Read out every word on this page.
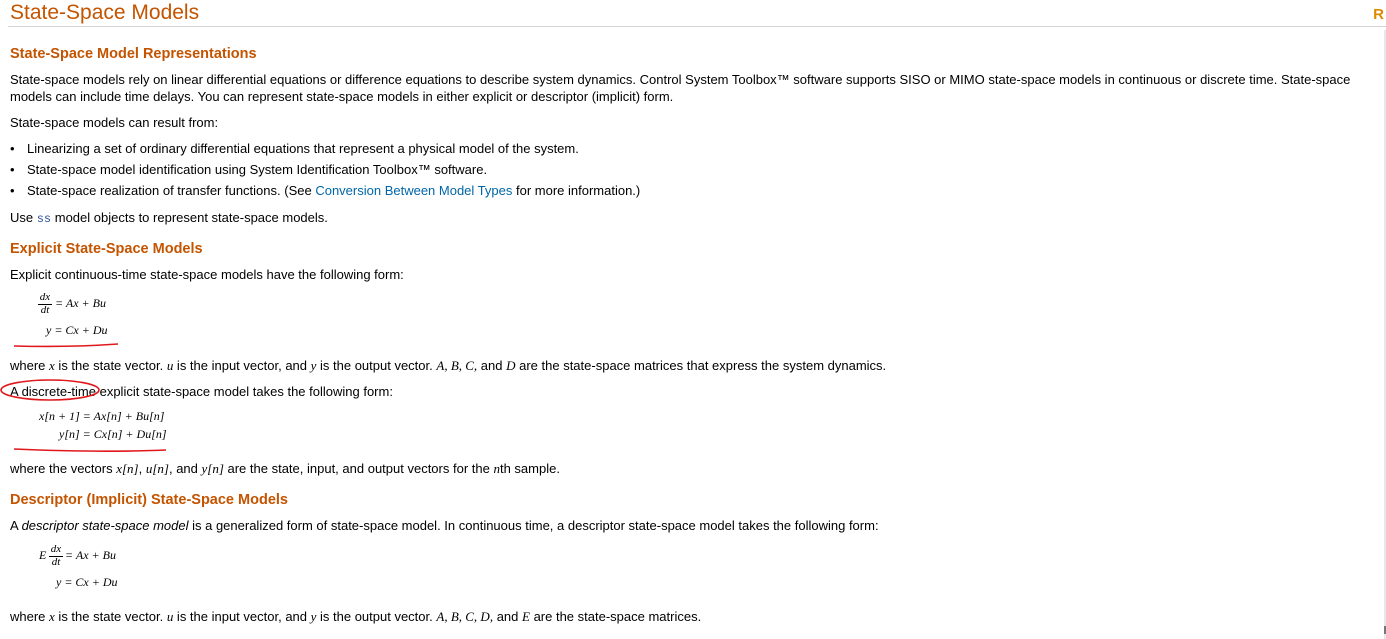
State-Space Models	R
State-Space Model Representations
State-space models rely on linear differential equations or difference equations to describe system dynamics. Control System Toolbox™ software supports SISO or MIMO state-space models in continuous or discrete time. State-space models can include time delays. You can represent state-space models in either explicit or descriptor (implicit) form.
State-space models can result from:
• Linearizing a set of ordinary differential equations that represent a physical model of the system.
• State-space model identification using System Identification Toolbox™ software.
• State-space realization of transfer functions. (See Conversion Between Model Types for more information.)
Use ss model objects to represent state-space models.
Explicit State-Space Models
Explicit continuous-time state-space models have the following form:
dx
dt = Ax + Bu
y = Cx + Du
where x is the state vector. u is the input vector, and y is the output vector. A, B, C, and D are the state-space matrices that express the system dynamics.
A discrete-time explicit state-space model takes the following form:
x[n + 1] = Ax[n] + Bu[n]
y[n] = Cx[n] + Du[n]
where the vectors x[n], u[n], and y[n] are the state, input, and output vectors for the nth sample.
Descriptor (Implicit) State-Space Models
A descriptor state-space model is a generalized form of state-space model. In continuous time, a descriptor state-space model takes the following form:
E dx
dt = Ax + Bu
y = Cx + Du
where x is the state vector. u is the input vector, and y is the output vector. A, B, C, D, and E are the state-space matrices.
